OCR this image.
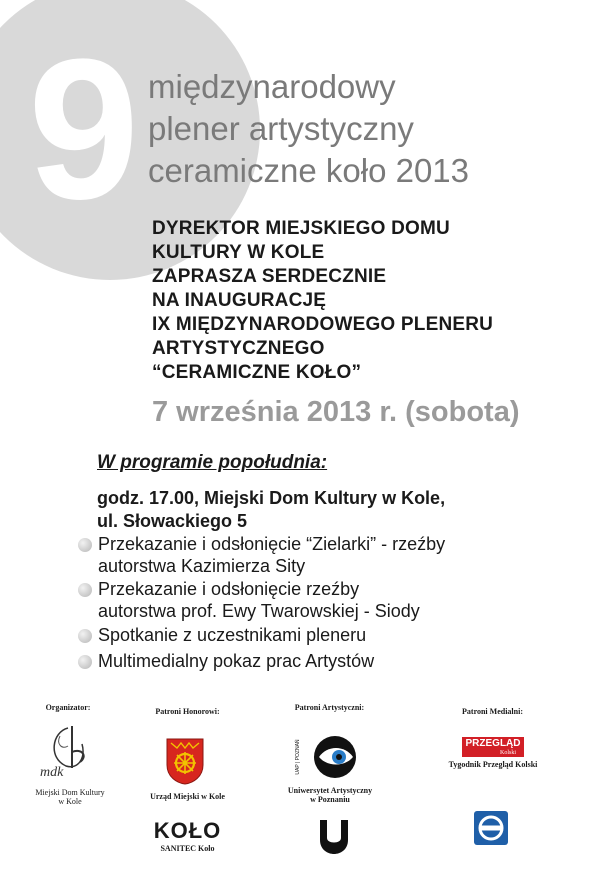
9 międzynarodowy
plener artystyczny
ceramiczne koło 2013
DYREKTOR MIEJSKIEGO DOMU
KULTURY W KOLE
ZAPRASZA SERDECZNIE
NA INAUGURACJĘ
IX MIĘDZYNARODOWEGO PLENERU
ARTYSTYCZNEGO
“CERAMICZNE KOŁO”
7 września 2013 r. (sobota)
W programie popołudnia:
godz. 17.00, Miejski Dom Kultury w Kole,
ul. Słowackiego 5
Przekazanie i odsłonięcie “Zielarki” - rzeźby
autorstwa Kazimierza Sity
Przekazanie i odsłonięcie rzeźby
autorstwa prof. Ewy Twarowskiej - Siody
Spotkanie z uczestnikami pleneru
Multimedialny pokaz prac Artystów
Organizator:	Patroni Honorowi:	Patroni Artystyczni:	Patroni Medialni:
mdk
Miejski Dom Kultury
w Kole
Urząd Miejski w Kole
KOŁO
SANITEC Koło
UAP | POZNAŃ
Uniwersytet Artystyczny
w Poznaniu
PRZEGLĄD
Kolski
Tygodnik Przegląd Kolski
